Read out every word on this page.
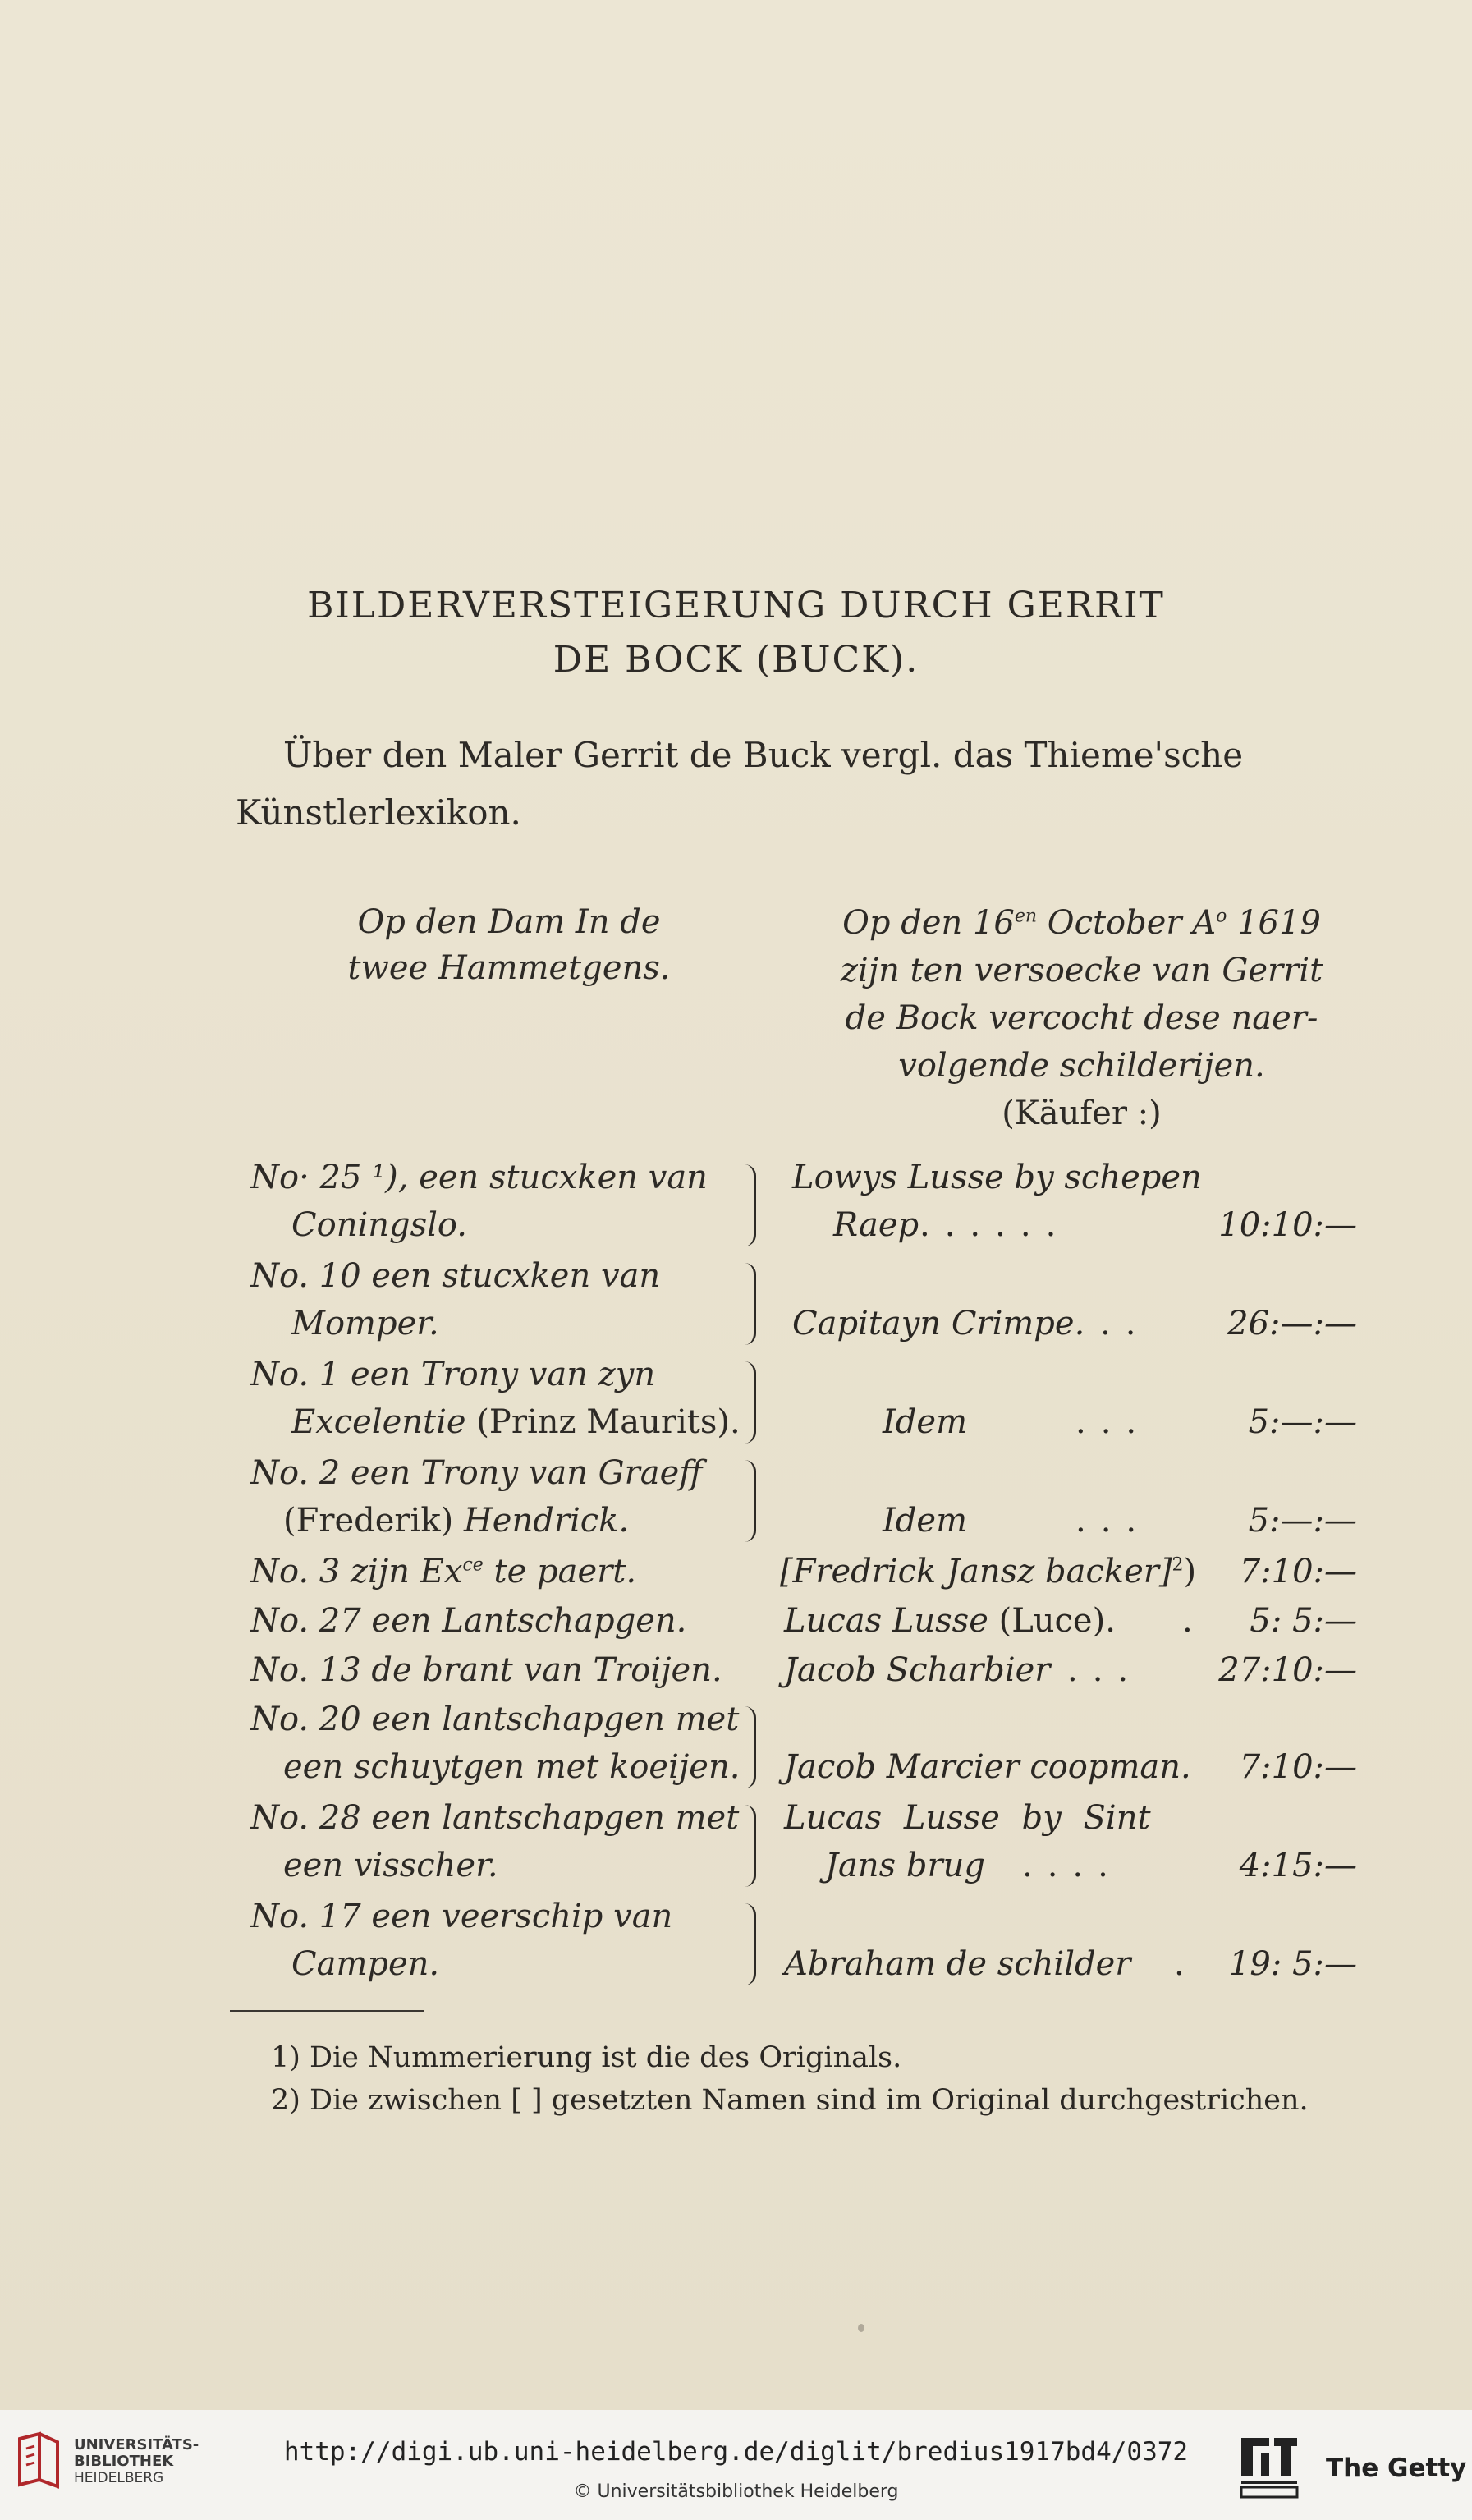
BILDERVERSTEIGERUNG DURCH GERRIT
DE BOCK (BUCK).
Über den Maler Gerrit de Buck vergl. das Thieme'sche
Künstlerlexikon.
Op den Dam In de
twee Hammetgens.
Op den $16^{en}$ October $A^o$ 1619
zijn ten versoecke van Gerrit
de Bock vercocht dese naer-
volgende schilderijen.
(Käufer :)
No· 25 ¹), een stucxken van
Coningslo.
Lowys Lusse by schepen
Raep ......	10:10:—
No. 10 een stucxken van
Momper.	Capitayn Crimpe. .. 26:—:—
No. 1 een Trony van zyn
Excelentie (Prinz Maurits).	Idem	...	5:—:—
No. 2 een Trony van Graeff
(Frederik) Hendrick.	Idem	...	5:—:—
No. 3 zijn $Ex^{ce}$ te paert.	[Fredrick Jansz backer]$^2$) 7:10:—
No. 27 een Lantschapgen.	Lucas Lusse (Luce). . 5: 5:—
No. 13 de brant van Troijen. Jacob Scharbier ... 27:10:—
No. 20 een lantschapgen met
een schuytgen met koeijen. Jacob Marcier coopman. 7:10:—
No. 28 een lantschapgen met
een visscher.
Lucas Lusse by Sint
Jans brug ....	4:15:—
No. 17 een veerschip van
Campen.	Abraham de schilder . 19: 5:—
1) Die Nummerierung ist die des Originals.
2) Die zwischen [ ] gesetzten Namen sind im Original durchgestrichen.
UNIVERSITÄTS-
BIBLIOTHEK
HEIDELBERG
http://digi.ub.uni-heidelberg.de/diglit/bredius1917bd4/0372
© Universitätsbibliothek Heidelberg
The Getty
